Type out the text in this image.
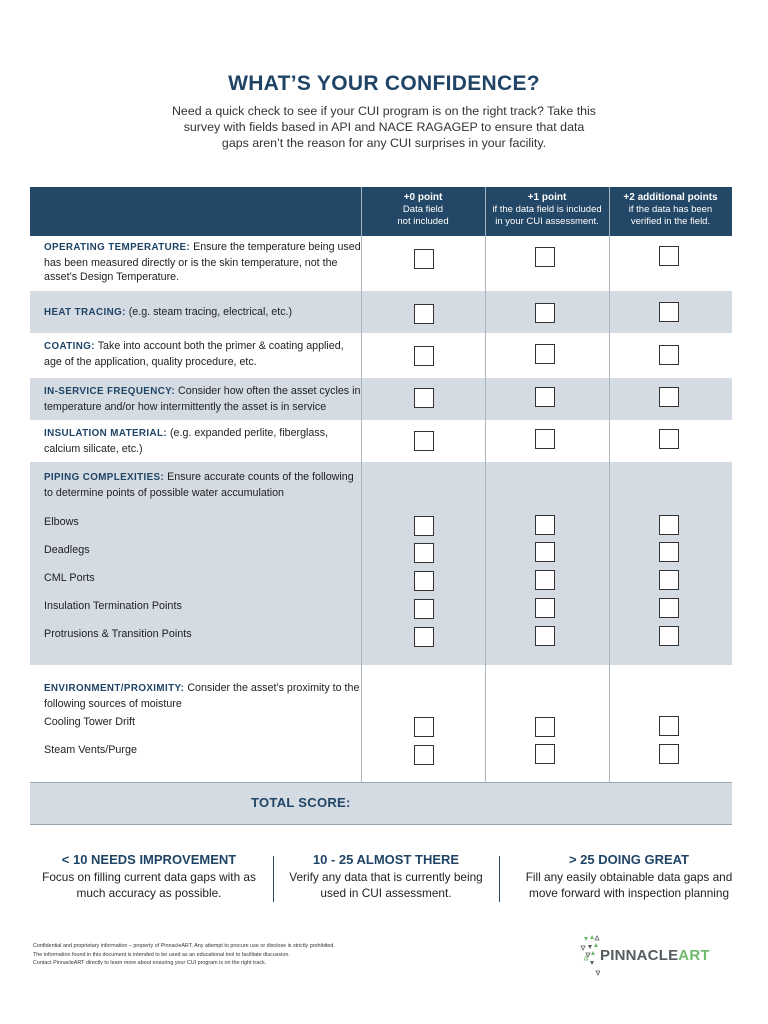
WHAT’S YOUR CONFIDENCE?
Need a quick check to see if your CUI program is on the right track? Take this survey with fields based in API and NACE RAGAGEP to ensure that data gaps aren’t the reason for any CUI surprises in your facility.
+0 point
Data field
not included
+1 point
if the data field is included
in your CUI assessment.
+2 additional points
if the data has been
verified in the field.
OPERATING TEMPERATURE: Ensure the temperature being used has been measured directly or is the skin temperature, not the asset’s Design Temperature.
HEAT TRACING: (e.g. steam tracing, electrical, etc.)
COATING: Take into account both the primer & coating applied, age of the application, quality procedure, etc.
IN-SERVICE FREQUENCY: Consider how often the asset cycles in temperature and/or how intermittently the asset is in service
INSULATION MATERIAL: (e.g. expanded perlite, fiberglass, calcium silicate, etc.)
PIPING COMPLEXITIES: Ensure accurate counts of the following to determine points of possible water accumulation
Elbows
Deadlegs
CML Ports
Insulation Termination Points
Protrusions & Transition Points
ENVIRONMENT/PROXIMITY: Consider the asset’s proximity to the following sources of moisture
Cooling Tower Drift
Steam Vents/Purge
TOTAL SCORE:
< 10 NEEDS IMPROVEMENT
Focus on filling current data gaps with as much accuracy as possible.
10 - 25 ALMOST THERE
Verify any data that is currently being used in CUI assessment.
> 25 DOING GREAT
Fill any easily obtainable data gaps and move forward with inspection planning
Confidential and proprietary information – property of PinnacleART. Any attempt to procure use or disclose is strictly prohibited.
The information found in this document is intended to be used as an educational tool to facilitate discussion.
Contact PinnacleART directly to learn more about ensuring your CUI program is on the right track.	PINNACLEART
